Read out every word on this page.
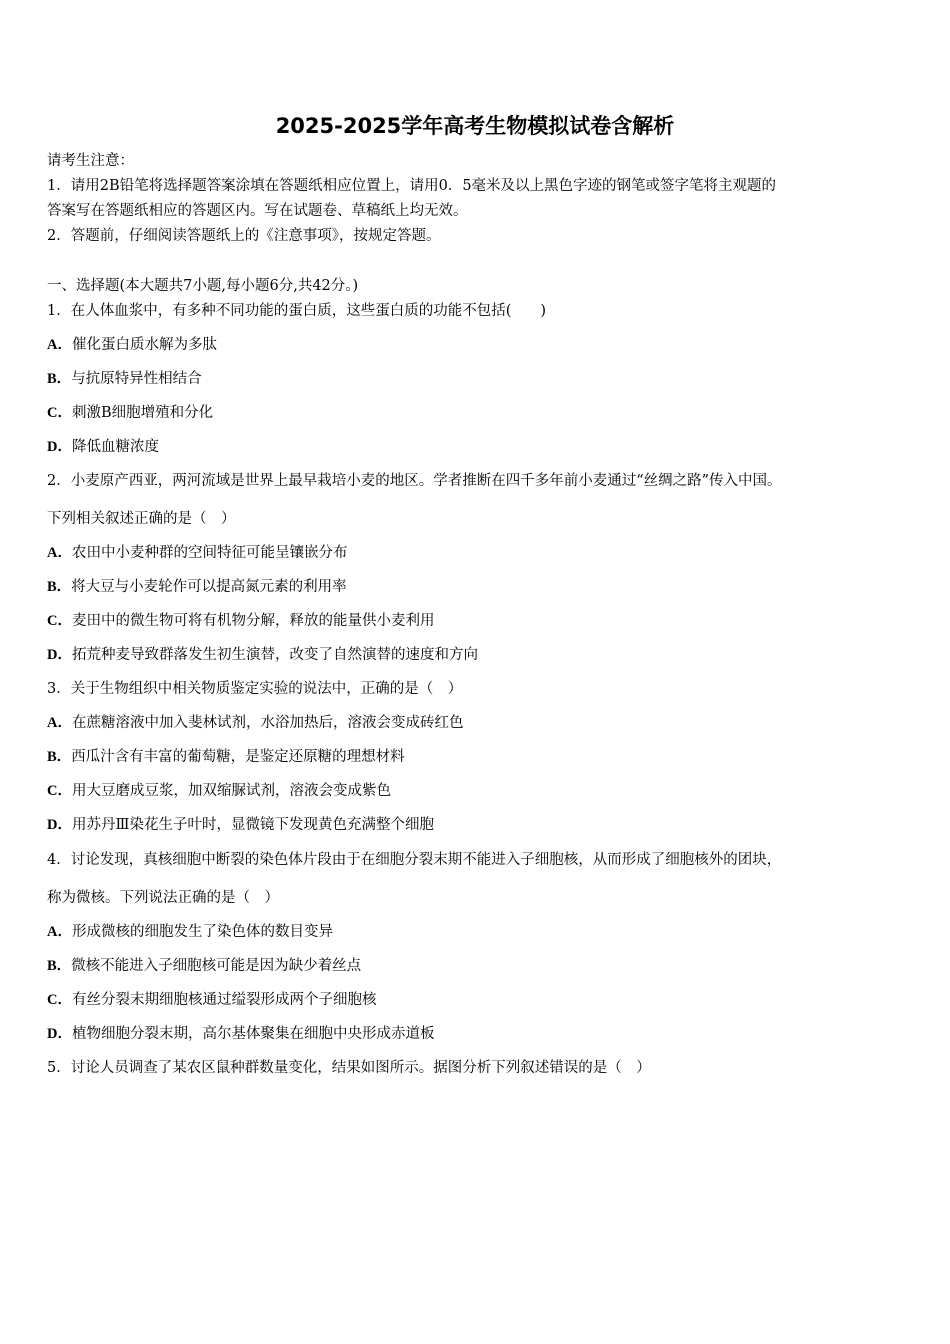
2025-2025学年高考生物模拟试卷含解析
请考生注意：
1．请用2B铅笔将选择题答案涂填在答题纸相应位置上，请用0．5毫米及以上黑色字迹的钢笔或签字笔将主观题的
答案写在答题纸相应的答题区内。写在试题卷、草稿纸上均无效。
2．答题前，仔细阅读答题纸上的《注意事项》，按规定答题。
一、选择题(本大题共7小题,每小题6分,共42分。)
1．在人体血浆中，有多种不同功能的蛋白质，这些蛋白质的功能不包括(　　)
A．催化蛋白质水解为多肽
B．与抗原特异性相结合
C．刺激B细胞增殖和分化
D．降低血糖浓度
2．小麦原产西亚，两河流域是世界上最早栽培小麦的地区。学者推断在四千多年前小麦通过“丝绸之路”传入中国。
下列相关叙述正确的是（　）
A．农田中小麦种群的空间特征可能呈镶嵌分布
B．将大豆与小麦轮作可以提高氮元素的利用率
C．麦田中的微生物可将有机物分解，释放的能量供小麦利用
D．拓荒种麦导致群落发生初生演替，改变了自然演替的速度和方向
3．关于生物组织中相关物质鉴定实验的说法中，正确的是（　）
A．在蔗糖溶液中加入斐林试剂，水浴加热后，溶液会变成砖红色
B．西瓜汁含有丰富的葡萄糖，是鉴定还原糖的理想材料
C．用大豆磨成豆浆，加双缩脲试剂，溶液会变成紫色
D．用苏丹Ⅲ染花生子叶时，显微镜下发现黄色充满整个细胞
4．讨论发现，真核细胞中断裂的染色体片段由于在细胞分裂末期不能进入子细胞核，从而形成了细胞核外的团块，
称为微核。下列说法正确的是（　）
A．形成微核的细胞发生了染色体的数目变异
B．微核不能进入子细胞核可能是因为缺少着丝点
C．有丝分裂末期细胞核通过缢裂形成两个子细胞核
D．植物细胞分裂末期，高尔基体聚集在细胞中央形成赤道板
5．讨论人员调查了某农区鼠种群数量变化，结果如图所示。据图分析下列叙述错误的是（　）
